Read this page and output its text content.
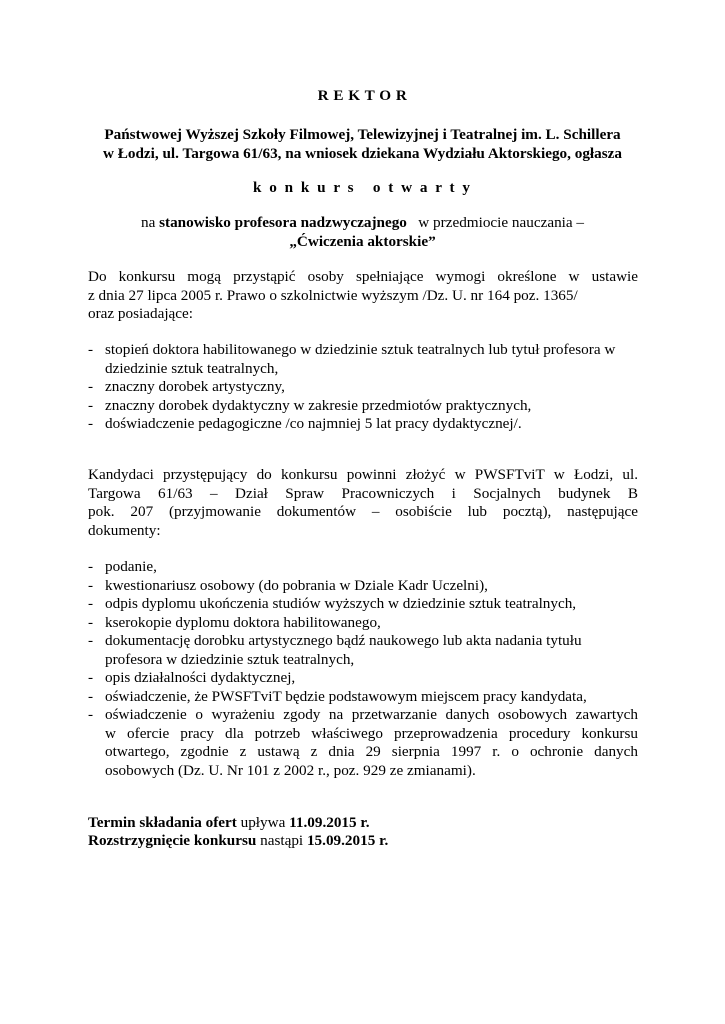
R E K T O R
Państwowej Wyższej Szkoły Filmowej, Telewizyjnej i Teatralnej im. L. Schillera
w Łodzi, ul. Targowa 61/63, na wniosek dziekana Wydziału Aktorskiego, ogłasza
k o n k u r s   o t w a r t y
na stanowisko profesora nadzwyczajnego   w przedmiocie nauczania –
„Ćwiczenia aktorskie”
Do konkursu mogą przystąpić osoby spełniające wymogi określone w ustawie
z dnia 27 lipca 2005 r. Prawo o szkolnictwie wyższym /Dz. U. nr 164 poz. 1365/
oraz posiadające:
- stopień doktora habilitowanego w dziedzinie sztuk teatralnych lub tytuł profesora w
dziedzinie sztuk teatralnych,
- znaczny dorobek artystyczny,
- znaczny dorobek dydaktyczny w zakresie przedmiotów praktycznych,
- doświadczenie pedagogiczne /co najmniej 5 lat pracy dydaktycznej/.
Kandydaci przystępujący do konkursu powinni złożyć w PWSFTviT w Łodzi, ul.
Targowa 61/63 – Dział Spraw Pracowniczych i Socjalnych budynek B
pok. 207 (przyjmowanie dokumentów – osobiście lub pocztą), następujące
dokumenty:
- podanie,
- kwestionariusz osobowy (do pobrania w Dziale Kadr Uczelni),
- odpis dyplomu ukończenia studiów wyższych w dziedzinie sztuk teatralnych,
- kserokopie dyplomu doktora habilitowanego,
- dokumentację dorobku artystycznego bądź naukowego lub akta nadania tytułu
profesora w dziedzinie sztuk teatralnych,
- opis działalności dydaktycznej,
- oświadczenie, że PWSFTviT będzie podstawowym miejscem pracy kandydata,
- oświadczenie o wyrażeniu zgody na przetwarzanie danych osobowych zawartych
w ofercie pracy dla potrzeb właściwego przeprowadzenia procedury konkursu
otwartego, zgodnie z ustawą z dnia 29 sierpnia 1997 r. o ochronie danych
osobowych (Dz. U. Nr 101 z 2002 r., poz. 929 ze zmianami).
Termin składania ofert upływa 11.09.2015 r.
Rozstrzygnięcie konkursu nastąpi 15.09.2015 r.
